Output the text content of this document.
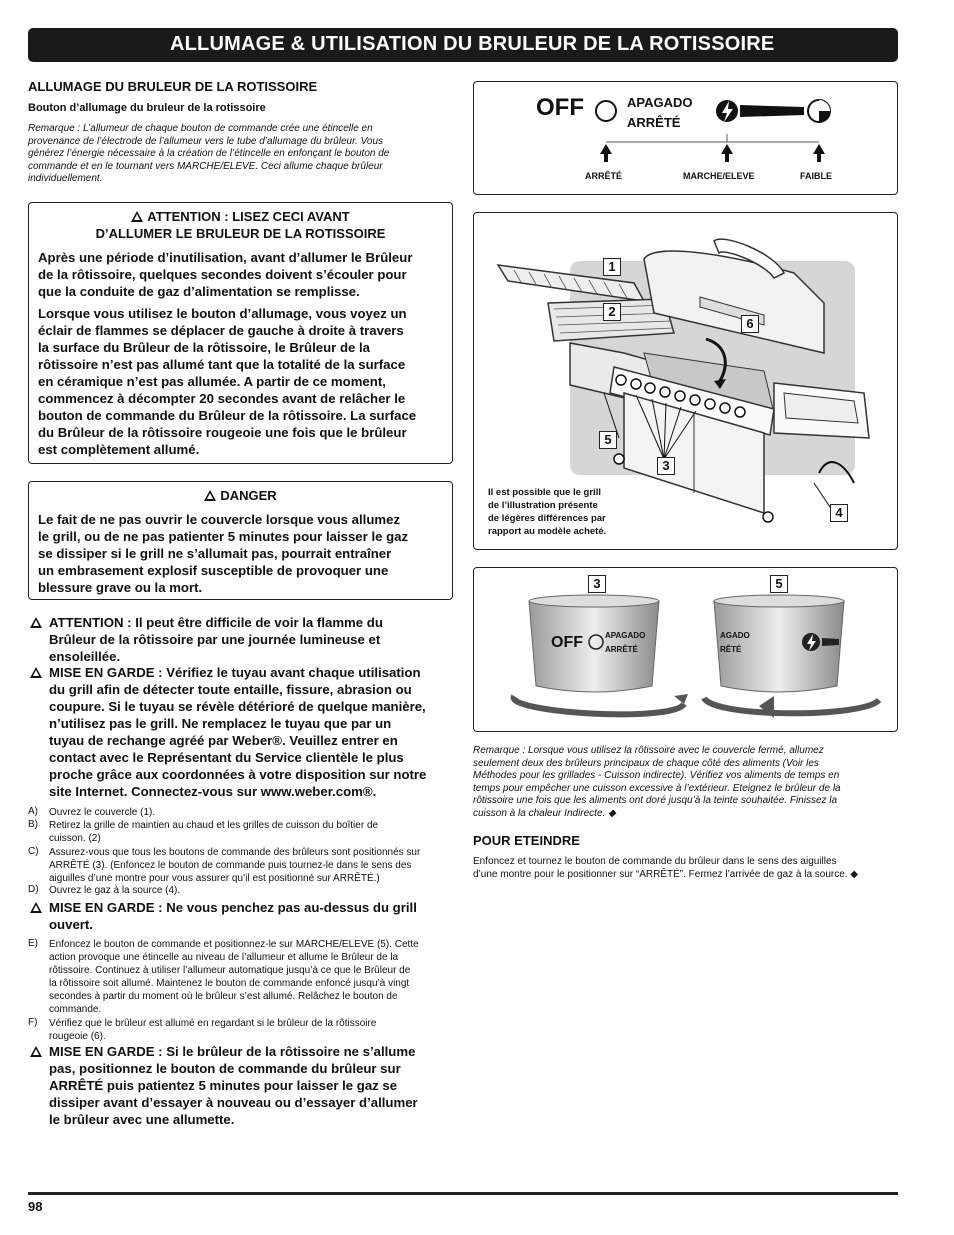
ALLUMAGE & UTILISATION DU BRULEUR DE LA ROTISSOIRE
ALLUMAGE DU BRULEUR DE LA ROTISSOIRE
Bouton d’allumage du bruleur de la rotissoire
Remarque : L’allumeur de chaque bouton de commande crée une étincelle en
provenance de l’électrode de l’allumeur vers le tube d’allumage du brûleur. Vous
générez l’énergie nécessaire à la création de l’étincelle en enfonçant le bouton de
commande et en le tournant vers MARCHE/ELEVE. Ceci allume chaque brûleur
individuellement.
ATTENTION : LISEZ CECI AVANT
D’ALLUMER LE BRULEUR DE LA ROTISSOIRE
Après une période d’inutilisation, avant d’allumer le Brûleur
de la rôtissoire, quelques secondes doivent s’écouler pour
que la conduite de gaz d’alimentation se remplisse.
Lorsque vous utilisez le bouton d’allumage, vous voyez un
éclair de flammes se déplacer de gauche à droite à travers
la surface du Brûleur de la rôtissoire, le Brûleur de la
rôtissoire n’est pas allumé tant que la totalité de la surface
en céramique n’est pas allumée. A partir de ce moment,
commencez à décompter 20 secondes avant de relâcher le
bouton de commande du Brûleur de la rôtissoire. La surface
du Brûleur de la rôtissoire rougeoie une fois que le brûleur
est complètement allumé.
DANGER
Le fait de ne pas ouvrir le couvercle lorsque vous allumez
le grill, ou de ne pas patienter 5 minutes pour laisser le gaz
se dissiper si le grill ne s’allumait pas, pourrait entraîner
un embrasement explosif susceptible de provoquer une
blessure grave ou la mort.
ATTENTION : Il peut être difficile de voir la flamme du
Brûleur de la rôtissoire par une journée lumineuse et
ensoleillée.
MISE EN GARDE : Vérifiez le tuyau avant chaque utilisation
du grill afin de détecter toute entaille, fissure, abrasion ou
coupure. Si le tuyau se révèle détérioré de quelque manière,
n’utilisez pas le grill. Ne remplacez le tuyau que par un
tuyau de rechange agréé par Weber®. Veuillez entrer en
contact avec le Représentant du Service clientèle le plus
proche grâce aux coordonnées à votre disposition sur notre
site Internet. Connectez-vous sur www.weber.com®.
A) Ouvrez le couvercle (1).
B) Retirez la grille de maintien au chaud et les grilles de cuisson du boîtier de
cuisson. (2)
C) Assurez-vous que tous les boutons de commande des brûleurs sont positionnés sur
ARRÊTÉ (3). (Enfoncez le bouton de commande puis tournez-le dans le sens des
aiguilles d’une montre pour vous assurer qu’il est positionné sur ARRÊTÉ.)
D) Ouvrez le gaz à la source (4).
MISE EN GARDE : Ne vous penchez pas au-dessus du grill
ouvert.
E) Enfoncez le bouton de commande et positionnez-le sur MARCHE/ELEVE (5). Cette
action provoque une étincelle au niveau de l’allumeur et allume le Brûleur de la
rôtissoire. Continuez à utiliser l’allumeur automatique jusqu’à ce que le Brûleur de
la rôtissoire soit allumé. Maintenez le bouton de commande enfoncé jusqu’à vingt
secondes à partir du moment où le brûleur s’est allumé. Relâchez le bouton de
commande.
F) Vérifiez que le brûleur est allumé en regardant si le brûleur de la rôtissoire
rougeoie (6).
MISE EN GARDE : Si le brûleur de la rôtissoire ne s’allume
pas, positionnez le bouton de commande du brûleur sur
ARRÊTÉ puis patientez 5 minutes pour laisser le gaz se
dissiper avant d’essayer à nouveau ou d’essayer d’allumer
le brûleur avec une allumette.
OFF	APAGADO
ARRÊTÉ
ARRÊTÉ	MARCHE/ELEVE	FAIBLE
1
2
6
5
3
4
Il est possible que le grill
de l’illustration présente
de légères différences par
rapport au modèle acheté.
3	5
OFF	APAGADO
ARRÊTÉ
AGADO
RÊTÉ
Remarque : Lorsque vous utilisez la rôtissoire avec le couvercle fermé, allumez
seulement deux des brûleurs principaux de chaque côté des aliments (Voir les
Méthodes pour les grillades - Cuisson indirecte). Vérifiez vos aliments de temps en
temps pour empêcher une cuisson excessive à l’extérieur. Eteignez le brûleur de la
rôtissoire une fois que les aliments ont doré jusqu’à la teinte souhaitée. Finissez la
cuisson à la chaleur Indirecte. ◆
POUR ETEINDRE
Enfoncez et tournez le bouton de commande du brûleur dans le sens des aiguilles
d’une montre pour le positionner sur “ARRÊTÉ”. Fermez l’arrivée de gaz à la source. ◆
98
